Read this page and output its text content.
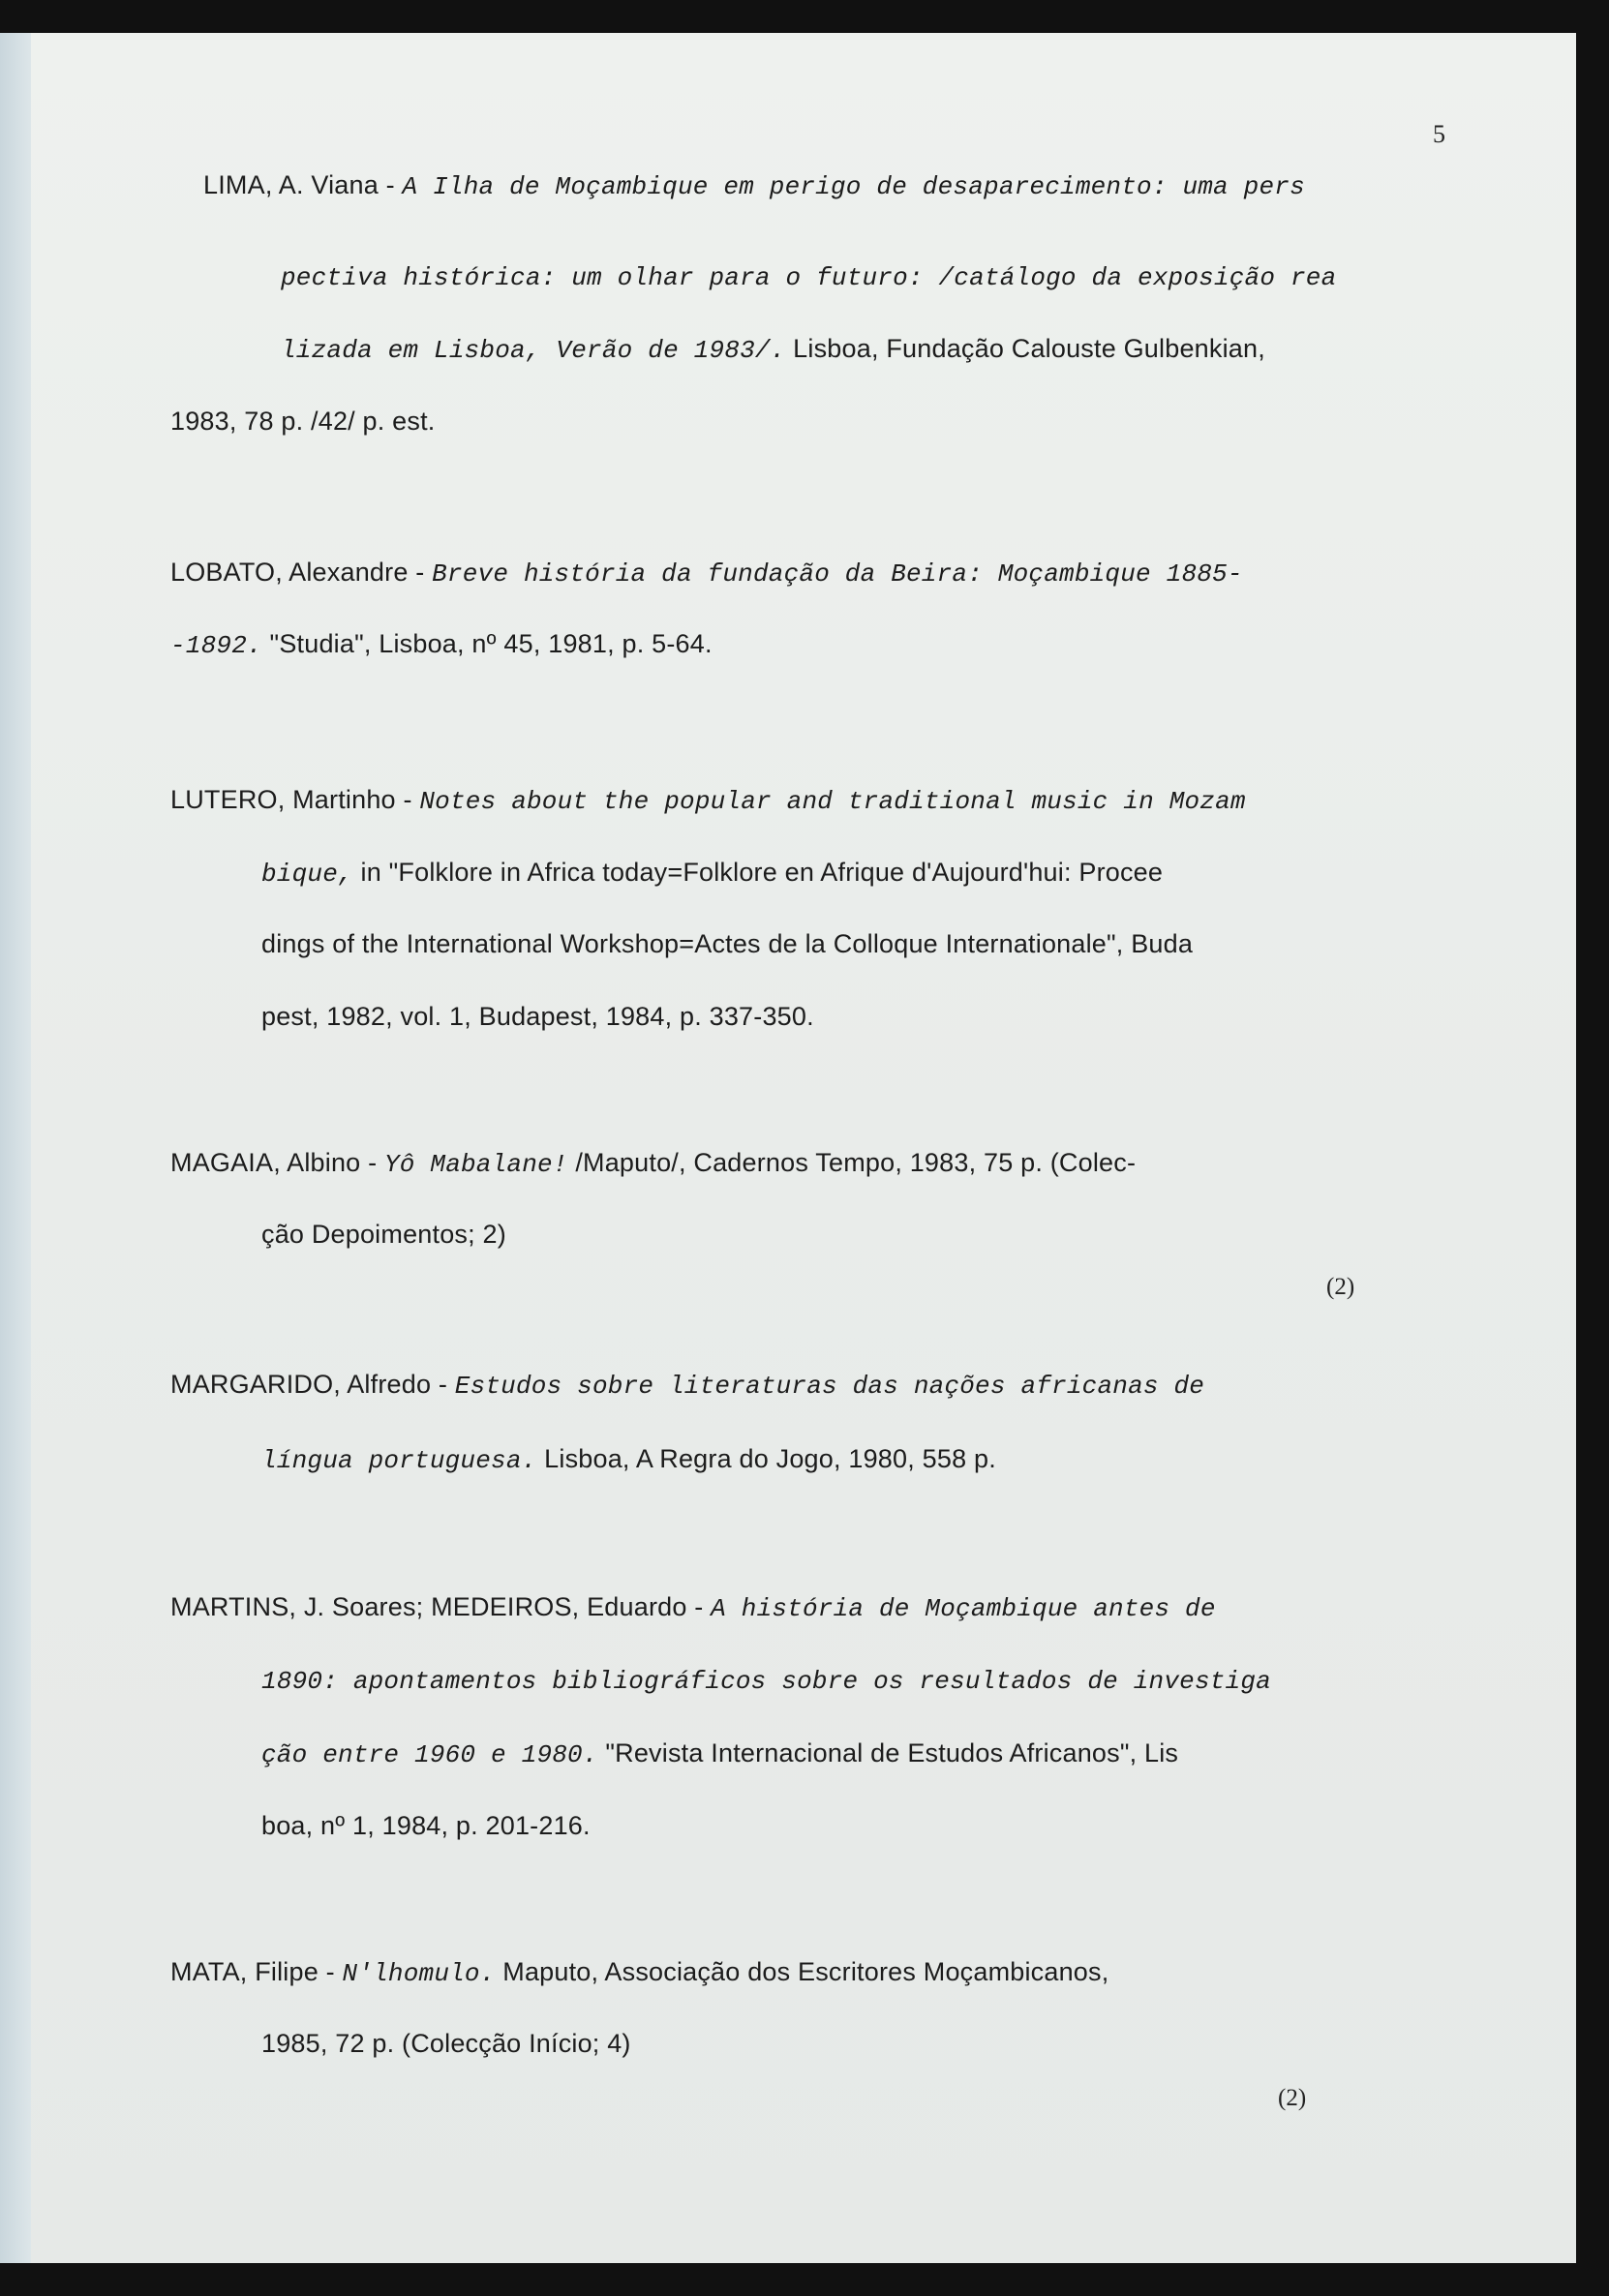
5
LIMA, A. Viana - A Ilha de Moçambique em perigo de desaparecimento: uma pers
pectiva histórica: um olhar para o futuro: /catálogo da exposição rea
lizada em Lisboa, Verão de 1983/. Lisboa, Fundação Calouste Gulbenkian,
1983, 78 p. /42/ p. est.
LOBATO, Alexandre - Breve história da fundação da Beira: Moçambique 1885-
-1892. "Studia", Lisboa, nº 45, 1981, p. 5-64.
LUTERO, Martinho - Notes about the popular and traditional music in Mozam
bique, in "Folklore in Africa today=Folklore en Afrique d'Aujourd'hui: Procee
dings of the International Workshop=Actes de la Colloque Internationale", Buda
pest, 1982, vol. 1, Budapest, 1984, p. 337-350.
MAGAIA, Albino - Yô Mabalane! /Maputo/, Cadernos Tempo, 1983, 75 p. (Colec-
ção Depoimentos; 2)
MARGARIDO, Alfredo - Estudos sobre literaturas das nações africanas de
língua portuguesa. Lisboa, A Regra do Jogo, 1980, 558 p.
MARTINS, J. Soares; MEDEIROS, Eduardo - A história de Moçambique antes de
1890: apontamentos bibliográficos sobre os resultados de investiga
ção entre 1960 e 1980. "Revista Internacional de Estudos Africanos", Lis
boa, nº 1, 1984, p. 201-216.
MATA, Filipe - N'lhomulo. Maputo, Associação dos Escritores Moçambicanos,
1985, 72 p. (Colecção Início; 4)
(2)
(2)
